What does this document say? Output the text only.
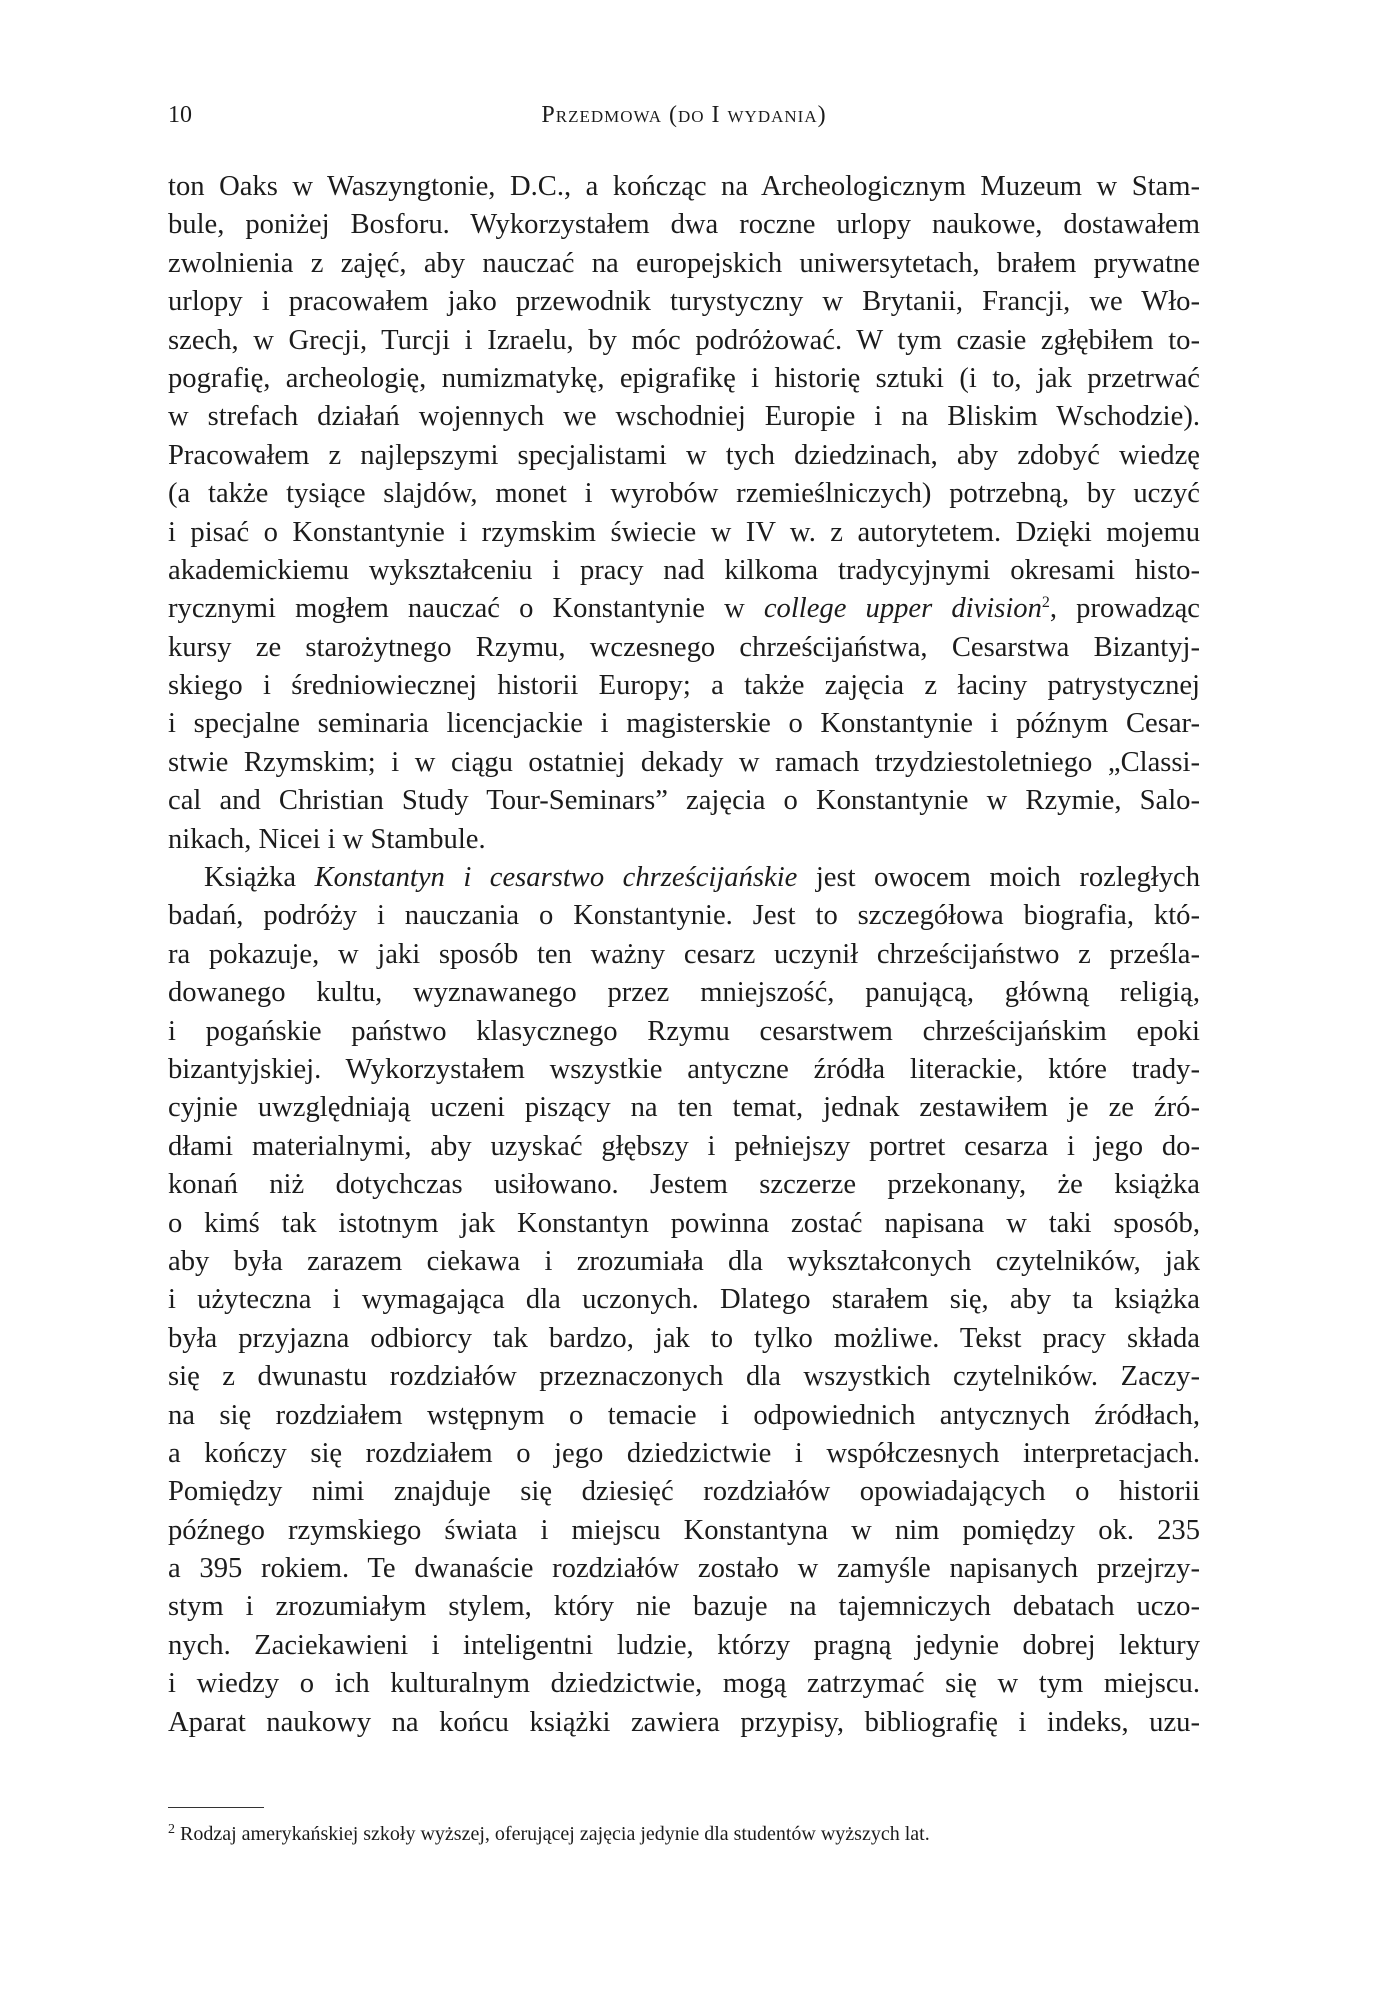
10	Przedmowa (do I wydania)
ton Oaks w Waszyngtonie, D.C., a kończąc na Archeologicznym Muzeum w Stam-
bule, poniżej Bosforu. Wykorzystałem dwa roczne urlopy naukowe, dostawałem
zwolnienia z zajęć, aby nauczać na europejskich uniwersytetach, brałem prywatne
urlopy i pracowałem jako przewodnik turystyczny w Brytanii, Francji, we Wło-
szech, w Grecji, Turcji i Izraelu, by móc podróżować. W tym czasie zgłębiłem to-
pografię, archeologię, numizmatykę, epigrafikę i historię sztuki (i to, jak przetrwać
w strefach działań wojennych we wschodniej Europie i na Bliskim Wschodzie).
Pracowałem z najlepszymi specjalistami w tych dziedzinach, aby zdobyć wiedzę
(a także tysiące slajdów, monet i wyrobów rzemieślniczych) potrzebną, by uczyć
i pisać o Konstantynie i rzymskim świecie w IV w. z autorytetem. Dzięki mojemu
akademickiemu wykształceniu i pracy nad kilkoma tradycyjnymi okresami histo-
rycznymi mogłem nauczać o Konstantynie w college upper division$^2$, prowadząc
kursy ze starożytnego Rzymu, wczesnego chrześcijaństwa, Cesarstwa Bizantyj-
skiego i średniowiecznej historii Europy; a także zajęcia z łaciny patrystycznej
i specjalne seminaria licencjackie i magisterskie o Konstantynie i późnym Cesar-
stwie Rzymskim; i w ciągu ostatniej dekady w ramach trzydziestoletniego „Classi-
cal and Christian Study Tour-Seminars” zajęcia o Konstantynie w Rzymie, Salo-
nikach, Nicei i w Stambule.
Książka Konstantyn i cesarstwo chrześcijańskie jest owocem moich rozległych
badań, podróży i nauczania o Konstantynie. Jest to szczegółowa biografia, któ-
ra pokazuje, w jaki sposób ten ważny cesarz uczynił chrześcijaństwo z prześla-
dowanego kultu, wyznawanego przez mniejszość, panującą, główną religią,
i pogańskie państwo klasycznego Rzymu cesarstwem chrześcijańskim epoki
bizantyjskiej. Wykorzystałem wszystkie antyczne źródła literackie, które trady-
cyjnie uwzględniają uczeni piszący na ten temat, jednak zestawiłem je ze źró-
dłami materialnymi, aby uzyskać głębszy i pełniejszy portret cesarza i jego do-
konań niż dotychczas usiłowano. Jestem szczerze przekonany, że książka
o kimś tak istotnym jak Konstantyn powinna zostać napisana w taki sposób,
aby była zarazem ciekawa i zrozumiała dla wykształconych czytelników, jak
i użyteczna i wymagająca dla uczonych. Dlatego starałem się, aby ta książka
była przyjazna odbiorcy tak bardzo, jak to tylko możliwe. Tekst pracy składa
się z dwunastu rozdziałów przeznaczonych dla wszystkich czytelników. Zaczy-
na się rozdziałem wstępnym o temacie i odpowiednich antycznych źródłach,
a kończy się rozdziałem o jego dziedzictwie i współczesnych interpretacjach.
Pomiędzy nimi znajduje się dziesięć rozdziałów opowiadających o historii
późnego rzymskiego świata i miejscu Konstantyna w nim pomiędzy ok. 235
a 395 rokiem. Te dwanaście rozdziałów zostało w zamyśle napisanych przejrzy-
stym i zrozumiałym stylem, który nie bazuje na tajemniczych debatach uczo-
nych. Zaciekawieni i inteligentni ludzie, którzy pragną jedynie dobrej lektury
i wiedzy o ich kulturalnym dziedzictwie, mogą zatrzymać się w tym miejscu.
Aparat naukowy na końcu książki zawiera przypisy, bibliografię i indeks, uzu-
$^2$ Rodzaj amerykańskiej szkoły wyższej, oferującej zajęcia jedynie dla studentów wyższych lat.
